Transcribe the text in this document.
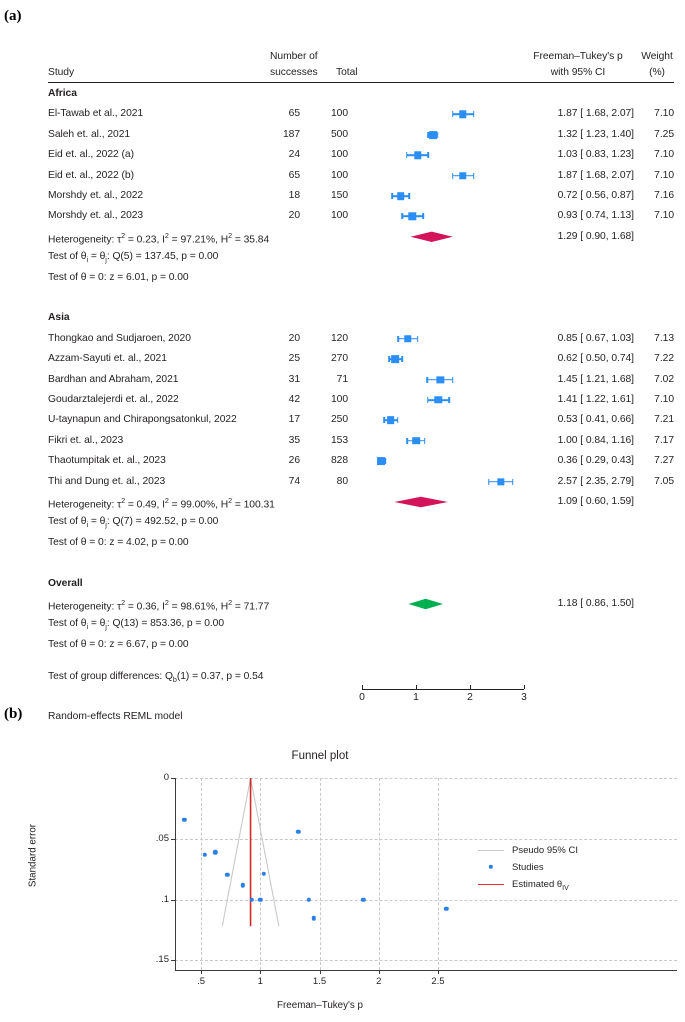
(a)
(b)
Number of
Study	successes	Total
Freeman–Tukey's p
with 95% CI
Weight
(%)
Africa
El-Tawab et al., 2021	65	100	1.87 [ 1.68, 2.07]	7.10
Saleh et. al., 2021	187	500	1.32 [ 1.23, 1.40]	7.25
Eid et. al., 2022 (a)	24	100	1.03 [ 0.83, 1.23]	7.10
Eid et. al., 2022 (b)	65	100	1.87 [ 1.68, 2.07]	7.10
Morshdy et. al., 2022	18	150	0.72 [ 0.56, 0.87]	7.16
Morshdy et. al., 2023	20	100	0.93 [ 0.74, 1.13]	7.10
Heterogeneity: $\tau^2 = 0.23$, $I^2 = 97.21\%$, $H^2 = 35.84$	1.29 [ 0.90, 1.68]
Test of $\theta_i = \theta_j$: Q(5) = 137.45, p = 0.00
Test of θ = 0: z = 6.01, p = 0.00
Asia
Thongkao and Sudjaroen, 2020	20	120	0.85 [ 0.67, 1.03]	7.13
Azzam-Sayuti et. al., 2021	25	270	0.62 [ 0.50, 0.74]	7.22
Bardhan and Abraham, 2021	31	71	1.45 [ 1.21, 1.68]	7.02
Goudarztalejerdi et. al., 2022	42	100	1.41 [ 1.22, 1.61]	7.10
U-taynapun and Chirapongsatonkul, 2022	17	250	0.53 [ 0.41, 0.66]	7.21
Fikri et. al., 2023	35	153	1.00 [ 0.84, 1.16]	7.17
Thaotumpitak et. al., 2023	26	828	0.36 [ 0.29, 0.43]	7.27
Thi and Dung et. al., 2023	74	80	2.57 [ 2.35, 2.79]	7.05
Heterogeneity: $\tau^2 = 0.49$, $I^2 = 99.00\%$, $H^2 = 100.31$	1.09 [ 0.60, 1.59]
Test of $\theta_i = \theta_j$: Q(7) = 492.52, p = 0.00
Test of θ = 0: z = 4.02, p = 0.00
Overall
Heterogeneity: $\tau^2 = 0.36$, $I^2 = 98.61\%$, $H^2 = 71.77$	1.18 [ 0.86, 1.50]
Test of $\theta_i = \theta_j$: Q(13) = 853.36, p = 0.00
Test of θ = 0: z = 6.67, p = 0.00
Test of group differences: $Q_b(1) = 0.37$, p = 0.54
Random-effects REML model
0	1	2	3
Funnel plot
Standard error
Freeman–Tukey's p
.5	1	1.5	2	2.5
0
.05
.1
.15
Pseudo 95% CI
Studies
Estimated $\theta_{IV}$
